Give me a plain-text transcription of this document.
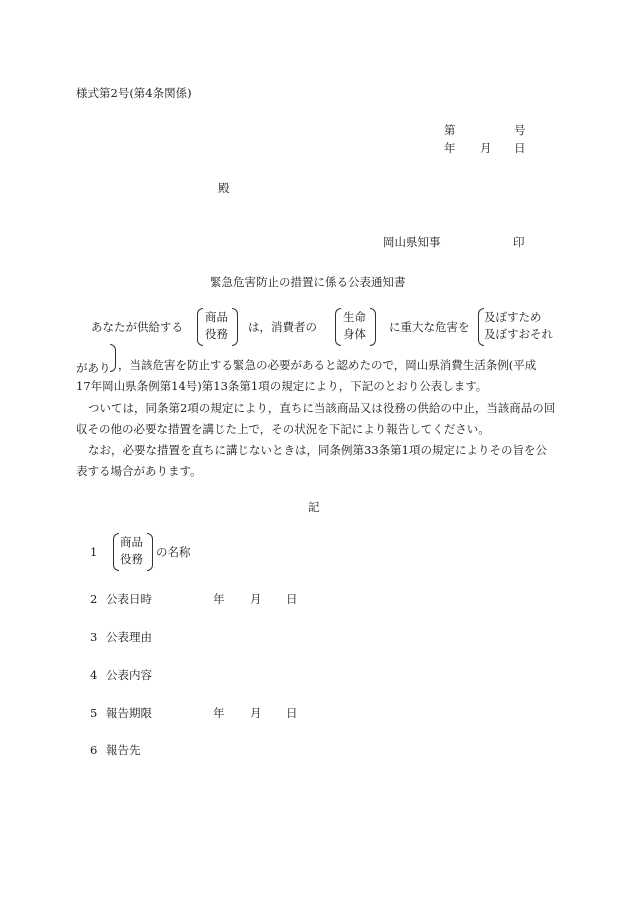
様式第2号(第4条関係)
第	号
年 月 日
殿
岡山県知事	印
緊急危害防止の措置に係る公表通知書
あなたが供給する
商品
役務 は，消費者の
生命
身体 に重大な危害を
及ぼすため
及ぼすおそれ
があり ，当該危害を防止する緊急の必要があると認めたので，岡山県消費生活条例(平成
17年岡山県条例第14号)第13条第1項の規定により，下記のとおり公表します。
ついては，同条第2項の規定により，直ちに当該商品又は役務の供給の中止，当該商品の回収その他の必要な措置を講じた上で，その状況を下記により報告してください。
なお，必要な措置を直ちに講じないときは，同条例第33条第1項の規定によりその旨を公表する場合があります。
記
1
商品
役務 の名称
2 公表日時	年 月 日
3 公表理由
4 公表内容
5 報告期限	年 月 日
6 報告先
